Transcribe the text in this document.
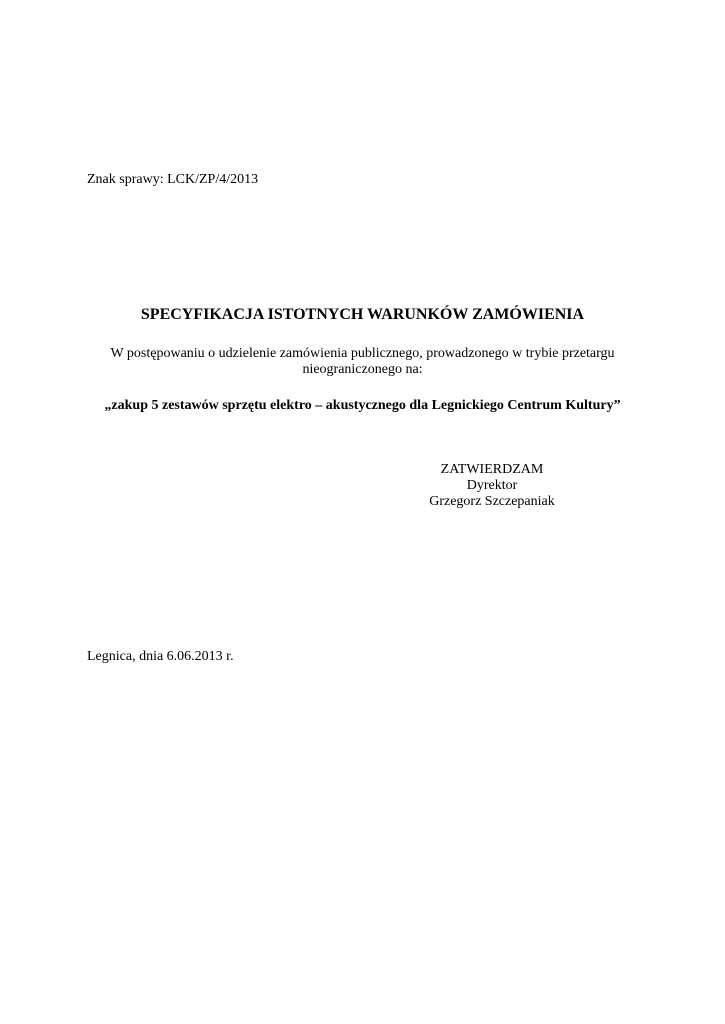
Znak sprawy: LCK/ZP/4/2013
SPECYFIKACJA ISTOTNYCH WARUNKÓW ZAMÓWIENIA
W postępowaniu o udzielenie zamówienia publicznego, prowadzonego w trybie przetargu
nieograniczonego na:
„zakup 5 zestawów sprzętu elektro – akustycznego dla Legnickiego Centrum Kultury”
ZATWIERDZAM
Dyrektor
Grzegorz Szczepaniak
Legnica, dnia 6.06.2013 r.
